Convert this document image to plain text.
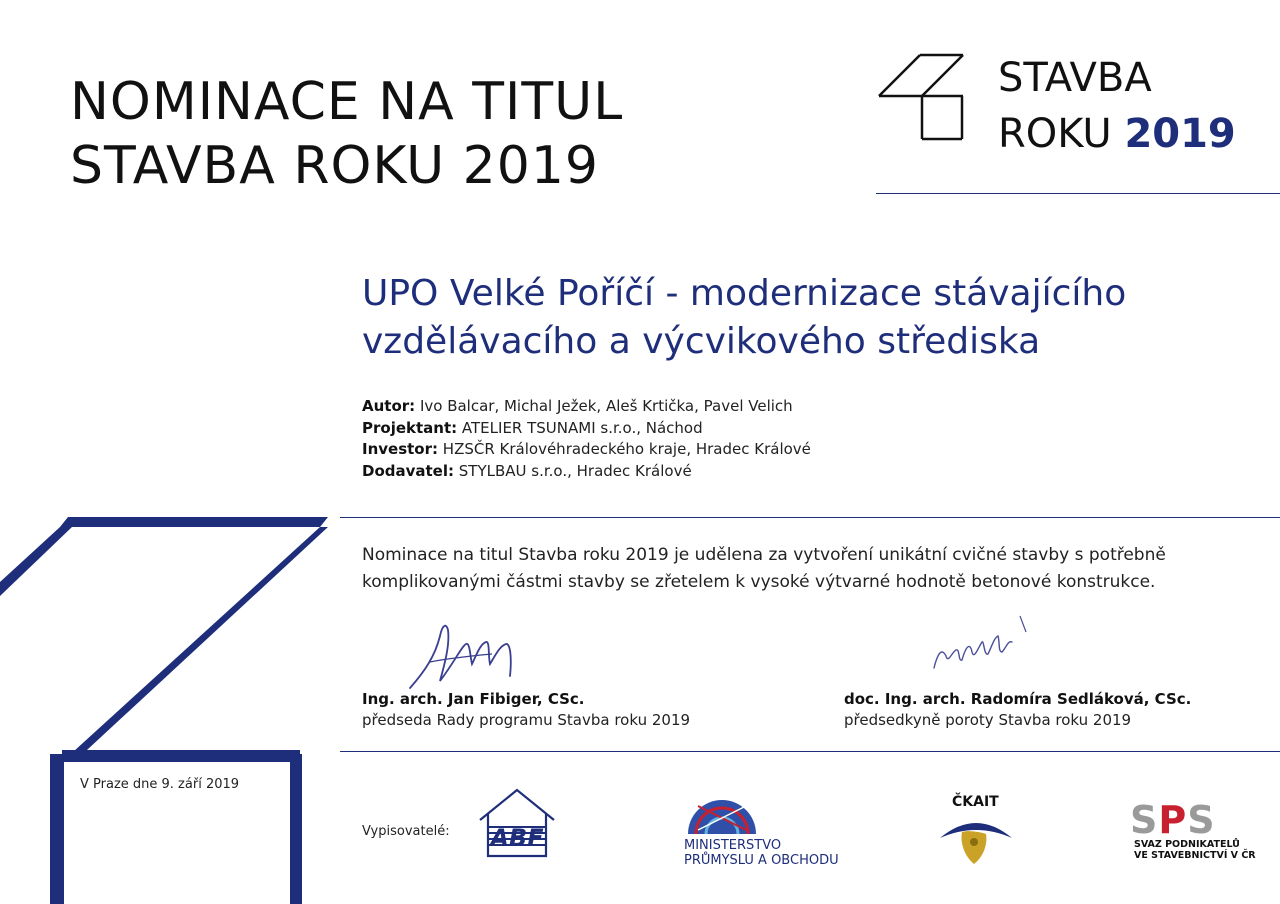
NOMINACE NA TITUL
STAVBA ROKU 2019
STAVBA
ROKU 2019
UPO Velké Poříčí - modernizace stávajícího
vzdělávacího a výcvikového střediska
Autor: Ivo Balcar, Michal Ježek, Aleš Krtička, Pavel Velich
Projektant: ATELIER TSUNAMI s.r.o., Náchod
Investor: HZSČR Královéhradeckého kraje, Hradec Králové
Dodavatel: STYLBAU s.r.o., Hradec Králové
Nominace na titul Stavba roku 2019 je udělena za vytvoření unikátní cvičné stavby s potřebně
komplikovanými částmi stavby se zřetelem k vysoké výtvarné hodnotě betonové konstrukce.
Ing. arch. Jan Fibiger, CSc.
předseda Rady programu Stavba roku 2019
doc. Ing. arch. Radomíra Sedláková, CSc.
předsedkyně poroty Stavba roku 2019
V Praze dne 9. září 2019
Vypisovatelé: ABF	MINISTERSTVO
PRŮMYSLU A OBCHODU
ČKAIT	SPS
SVAZ PODNIKATELŮ
VE STAVEBNICTVÍ V ČR
